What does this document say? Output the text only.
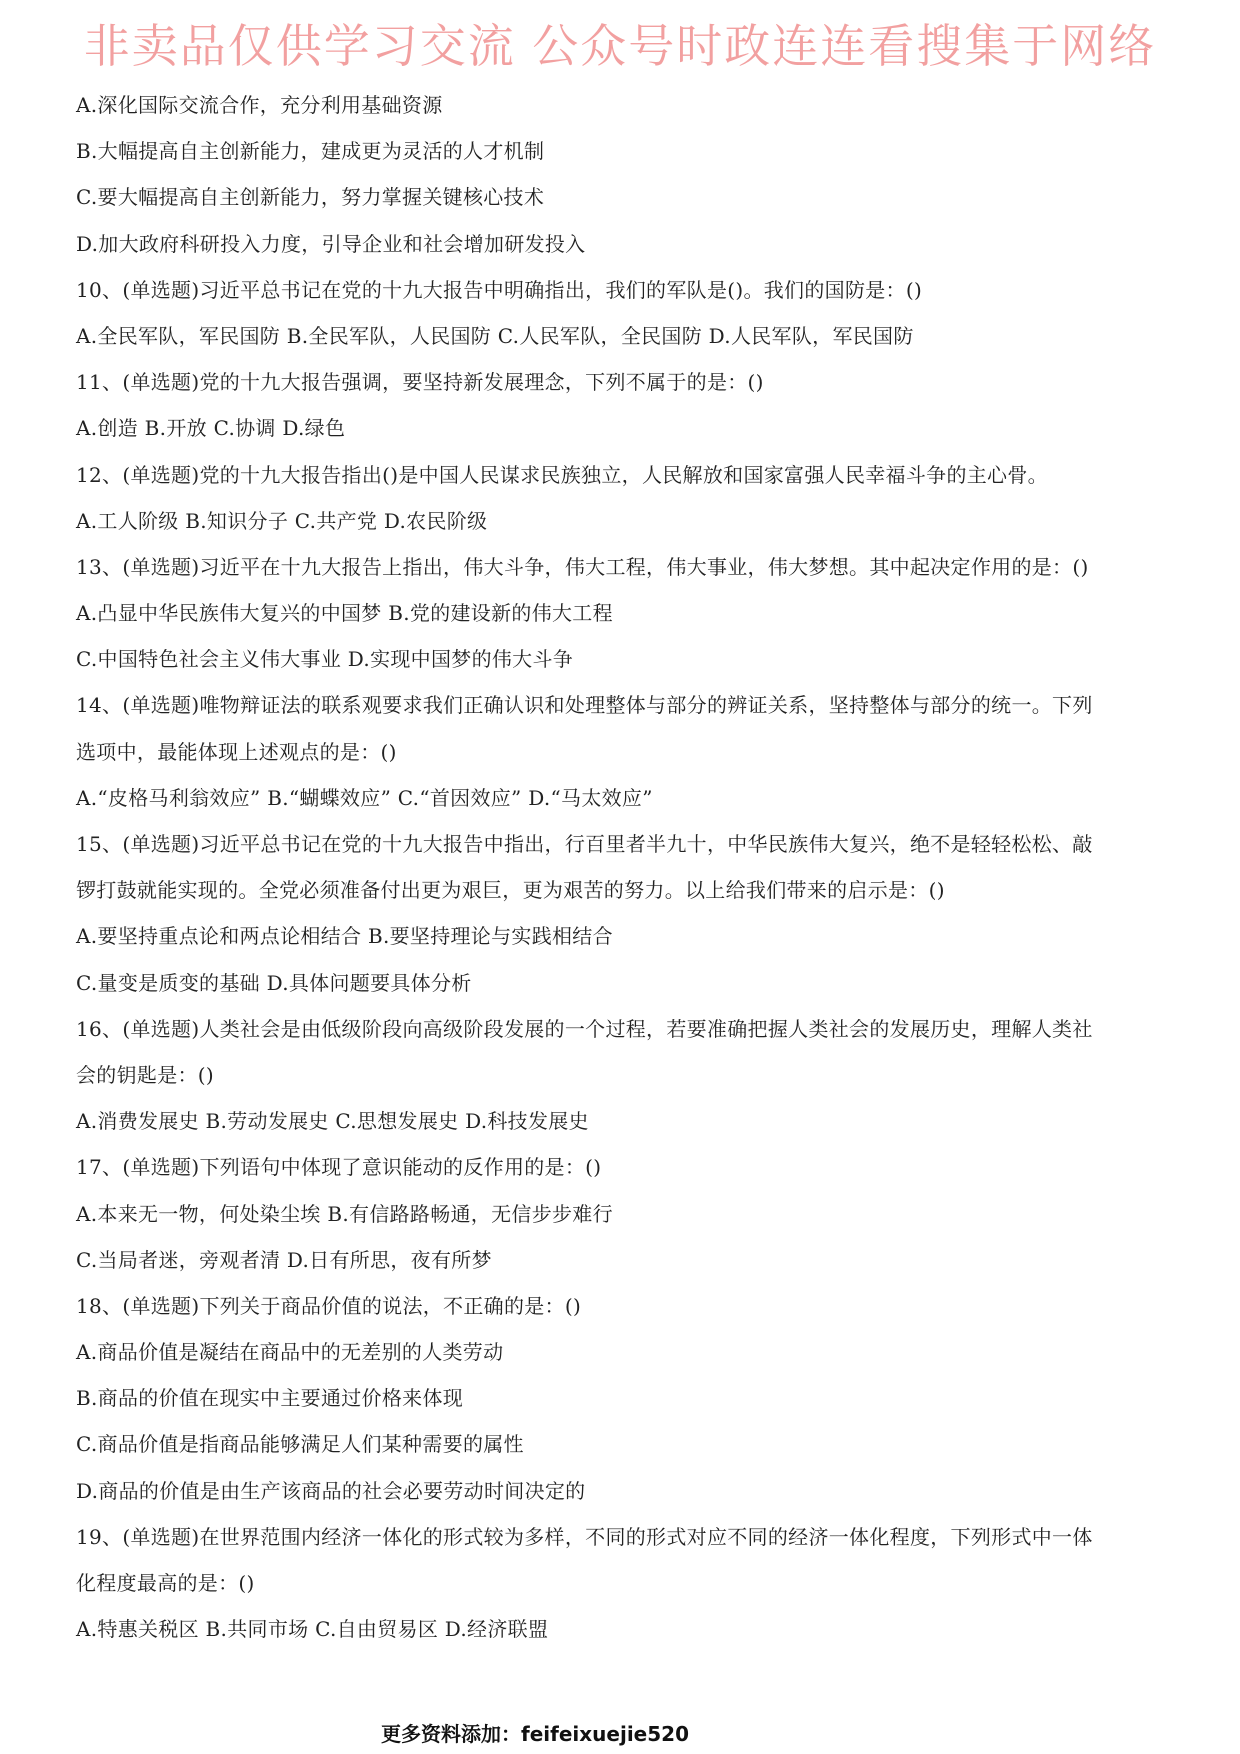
非卖品仅供学习交流 公众号时政连连看搜集于网络
A.深化国际交流合作，充分利用基础资源
B.大幅提高自主创新能力，建成更为灵活的人才机制
C.要大幅提高自主创新能力，努力掌握关键核心技术
D.加大政府科研投入力度，引导企业和社会增加研发投入
10、(单选题)习近平总书记在党的十九大报告中明确指出，我们的军队是()。我们的国防是：()
A.全民军队，军民国防 B.全民军队，人民国防 C.人民军队，全民国防 D.人民军队，军民国防
11、(单选题)党的十九大报告强调，要坚持新发展理念，下列不属于的是：()
A.创造 B.开放 C.协调 D.绿色
12、(单选题)党的十九大报告指出()是中国人民谋求民族独立，人民解放和国家富强人民幸福斗争的主心骨。
A.工人阶级 B.知识分子 C.共产党 D.农民阶级
13、(单选题)习近平在十九大报告上指出，伟大斗争，伟大工程，伟大事业，伟大梦想。其中起决定作用的是：()
A.凸显中华民族伟大复兴的中国梦 B.党的建设新的伟大工程
C.中国特色社会主义伟大事业 D.实现中国梦的伟大斗争
14、(单选题)唯物辩证法的联系观要求我们正确认识和处理整体与部分的辨证关系，坚持整体与部分的统一。下列
选项中，最能体现上述观点的是：()
A.“皮格马利翁效应” B.“蝴蝶效应” C.“首因效应” D.“马太效应”
15、(单选题)习近平总书记在党的十九大报告中指出，行百里者半九十，中华民族伟大复兴，绝不是轻轻松松、敲
锣打鼓就能实现的。全党必须准备付出更为艰巨，更为艰苦的努力。以上给我们带来的启示是：()
A.要坚持重点论和两点论相结合 B.要坚持理论与实践相结合
C.量变是质变的基础 D.具体问题要具体分析
16、(单选题)人类社会是由低级阶段向高级阶段发展的一个过程，若要准确把握人类社会的发展历史，理解人类社
会的钥匙是：()
A.消费发展史 B.劳动发展史 C.思想发展史 D.科技发展史
17、(单选题)下列语句中体现了意识能动的反作用的是：()
A.本来无一物，何处染尘埃 B.有信路路畅通，无信步步难行
C.当局者迷，旁观者清 D.日有所思，夜有所梦
18、(单选题)下列关于商品价值的说法，不正确的是：()
A.商品价值是凝结在商品中的无差别的人类劳动
B.商品的价值在现实中主要通过价格来体现
C.商品价值是指商品能够满足人们某种需要的属性
D.商品的价值是由生产该商品的社会必要劳动时间决定的
19、(单选题)在世界范围内经济一体化的形式较为多样，不同的形式对应不同的经济一体化程度，下列形式中一体
化程度最高的是：()
A.特惠关税区 B.共同市场 C.自由贸易区 D.经济联盟
更多资料添加：feifeixuejie520
